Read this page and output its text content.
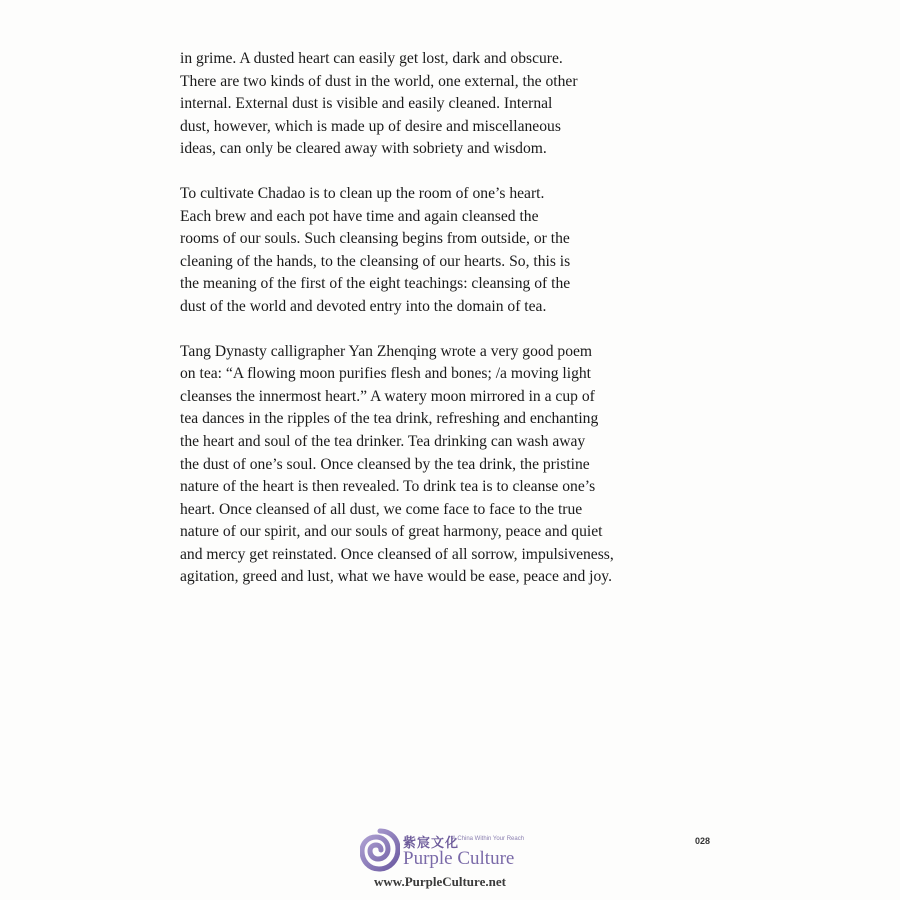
in grime. A dusted heart can easily get lost, dark and obscure.
There are two kinds of dust in the world, one external, the other
internal. External dust is visible and easily cleaned. Internal
dust, however, which is made up of desire and miscellaneous
ideas, can only be cleared away with sobriety and wisdom.

To cultivate Chadao is to clean up the room of one’s heart.
Each brew and each pot have time and again cleansed the
rooms of our souls. Such cleansing begins from outside, or the
cleaning of the hands, to the cleansing of our hearts. So, this is
the meaning of the first of the eight teachings: cleansing of the
dust of the world and devoted entry into the domain of tea.

Tang Dynasty calligrapher Yan Zhenqing wrote a very good poem
on tea: “A flowing moon purifies flesh and bones; /a moving light
cleanses the innermost heart.” A watery moon mirrored in a cup of
tea dances in the ripples of the tea drink, refreshing and enchanting
the heart and soul of the tea drinker. Tea drinking can wash away
the dust of one’s soul. Once cleansed by the tea drink, the pristine
nature of the heart is then revealed. To drink tea is to cleanse one’s
heart. Once cleansed of all dust, we come face to face to the true
nature of our spirit, and our souls of great harmony, peace and quiet
and mercy get reinstated. Once cleansed of all sorrow, impulsiveness,
agitation, greed and lust, what we have would be ease, peace and joy.

028
紫宸文化
A China Within Your Reach
Purple Culture
www.PurpleCulture.net
